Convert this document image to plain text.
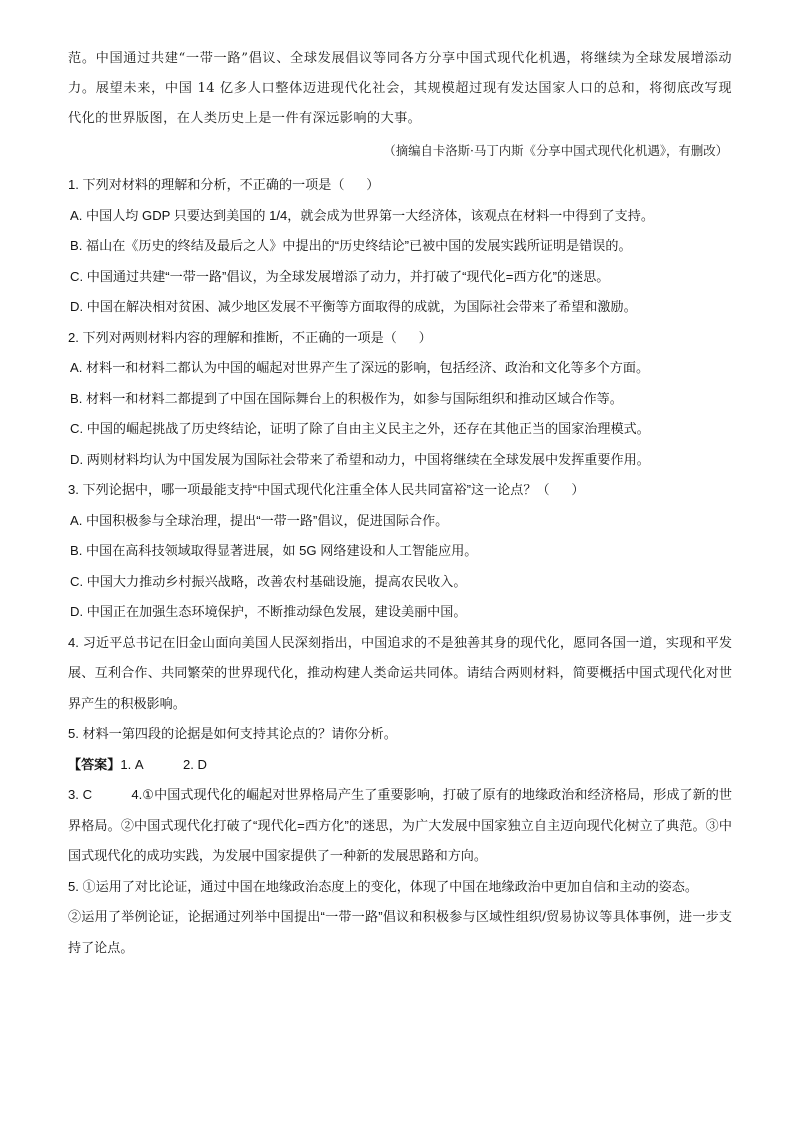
范。中国通过共建“一带一路”倡议、全球发展倡议等同各方分享中国式现代化机遇，将继续为全球发展增添动力。展望未来，中国 14 亿多人口整体迈进现代化社会，其规模超过现有发达国家人口的总和，将彻底改写现代化的世界版图，在人类历史上是一件有深远影响的大事。

（摘编自卡洛斯·马丁内斯《分享中国式现代化机遇》，有删改）

1. 下列对材料的理解和分析，不正确的一项是（      ）

A. 中国人均 GDP 只要达到美国的 1/4，就会成为世界第一大经济体，该观点在材料一中得到了支持。

B. 福山在《历史的终结及最后之人》中提出的“历史终结论”已被中国的发展实践所证明是错误的。

C. 中国通过共建“一带一路”倡议，为全球发展增添了动力，并打破了“现代化=西方化”的迷思。

D. 中国在解决相对贫困、减少地区发展不平衡等方面取得的成就，为国际社会带来了希望和激励。

2. 下列对两则材料内容的理解和推断，不正确的一项是（      ）

A. 材料一和材料二都认为中国的崛起对世界产生了深远的影响，包括经济、政治和文化等多个方面。

B. 材料一和材料二都提到了中国在国际舞台上的积极作为，如参与国际组织和推动区域合作等。

C. 中国的崛起挑战了历史终结论，证明了除了自由主义民主之外，还存在其他正当的国家治理模式。

D. 两则材料均认为中国发展为国际社会带来了希望和动力，中国将继续在全球发展中发挥重要作用。

3. 下列论据中，哪一项最能支持“中国式现代化注重全体人民共同富裕”这一论点？（      ）

A. 中国积极参与全球治理，提出“一带一路”倡议，促进国际合作。

B. 中国在高科技领域取得显著进展，如 5G 网络建设和人工智能应用。

C. 中国大力推动乡村振兴战略，改善农村基础设施，提高农民收入。

D. 中国正在加强生态环境保护，不断推动绿色发展，建设美丽中国。

4. 习近平总书记在旧金山面向美国人民深刻指出，中国追求的不是独善其身的现代化，愿同各国一道，实现和平发展、互利合作、共同繁荣的世界现代化，推动构建人类命运共同体。请结合两则材料，简要概括中国式现代化对世界产生的积极影响。

5. 材料一第四段的论据是如何支持其论点的？请你分析。

【答案】1. A   2. D

3. C   4.①中国式现代化的崛起对世界格局产生了重要影响，打破了原有的地缘政治和经济格局，形成了新的世界格局。②中国式现代化打破了“现代化=西方化”的迷思，为广大发展中国家独立自主迈向现代化树立了典范。③中国式现代化的成功实践，为发展中国家提供了一种新的发展思路和方向。

5. ①运用了对比论证，通过中国在地缘政治态度上的变化，体现了中国在地缘政治中更加自信和主动的姿态。

②运用了举例论证，论据通过列举中国提出“一带一路”倡议和积极参与区域性组织/贸易协议等具体事例，进一步支持了论点。
